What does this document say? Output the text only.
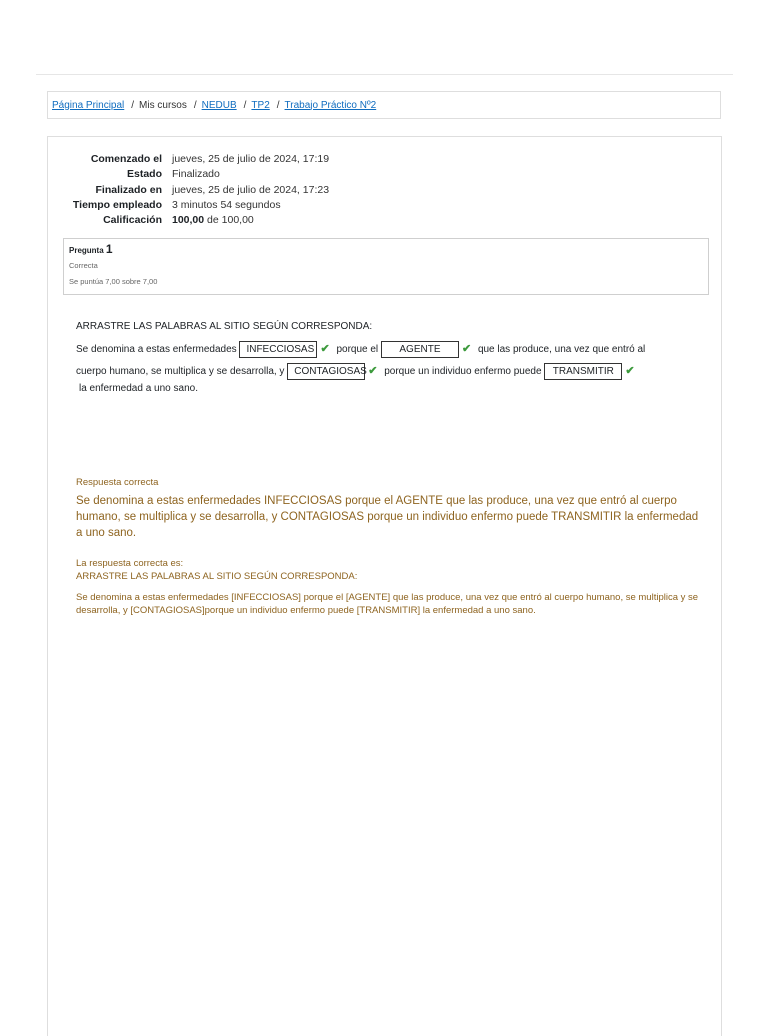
Página Principal / Mis cursos / NEDUB / TP2 / Trabajo Práctico Nº2
Comenzado el jueves, 25 de julio de 2024, 17:19
Estado Finalizado
Finalizado en jueves, 25 de julio de 2024, 17:23
Tiempo empleado 3 minutos 54 segundos
Calificación 100,00 de 100,00
Pregunta 1
Correcta
Se puntúa 7,00 sobre 7,00
ARRASTRE LAS PALABRAS AL SITIO SEGÚN CORRESPONDA:
Se denomina a estas enfermedades INFECCIOSAS ✔ porque el AGENTE ✔ que las produce, una vez que entró al
cuerpo humano, se multiplica y se desarrolla, y CONTAGIOSAS✔ porque un individuo enfermo puede TRANSMITIR ✔
la enfermedad a uno sano.
Respuesta correcta
Se denomina a estas enfermedades INFECCIOSAS porque el AGENTE que las produce, una vez que entró al cuerpo humano, se multiplica y se desarrolla, y CONTAGIOSAS porque un individuo enfermo puede TRANSMITIR la enfermedad a uno sano.
La respuesta correcta es:
ARRASTRE LAS PALABRAS AL SITIO SEGÚN CORRESPONDA:
Se denomina a estas enfermedades [INFECCIOSAS] porque el [AGENTE] que las produce, una vez que entró al cuerpo humano, se multiplica y se desarrolla, y [CONTAGIOSAS]porque un individuo enfermo puede [TRANSMITIR] la enfermedad a uno sano.
